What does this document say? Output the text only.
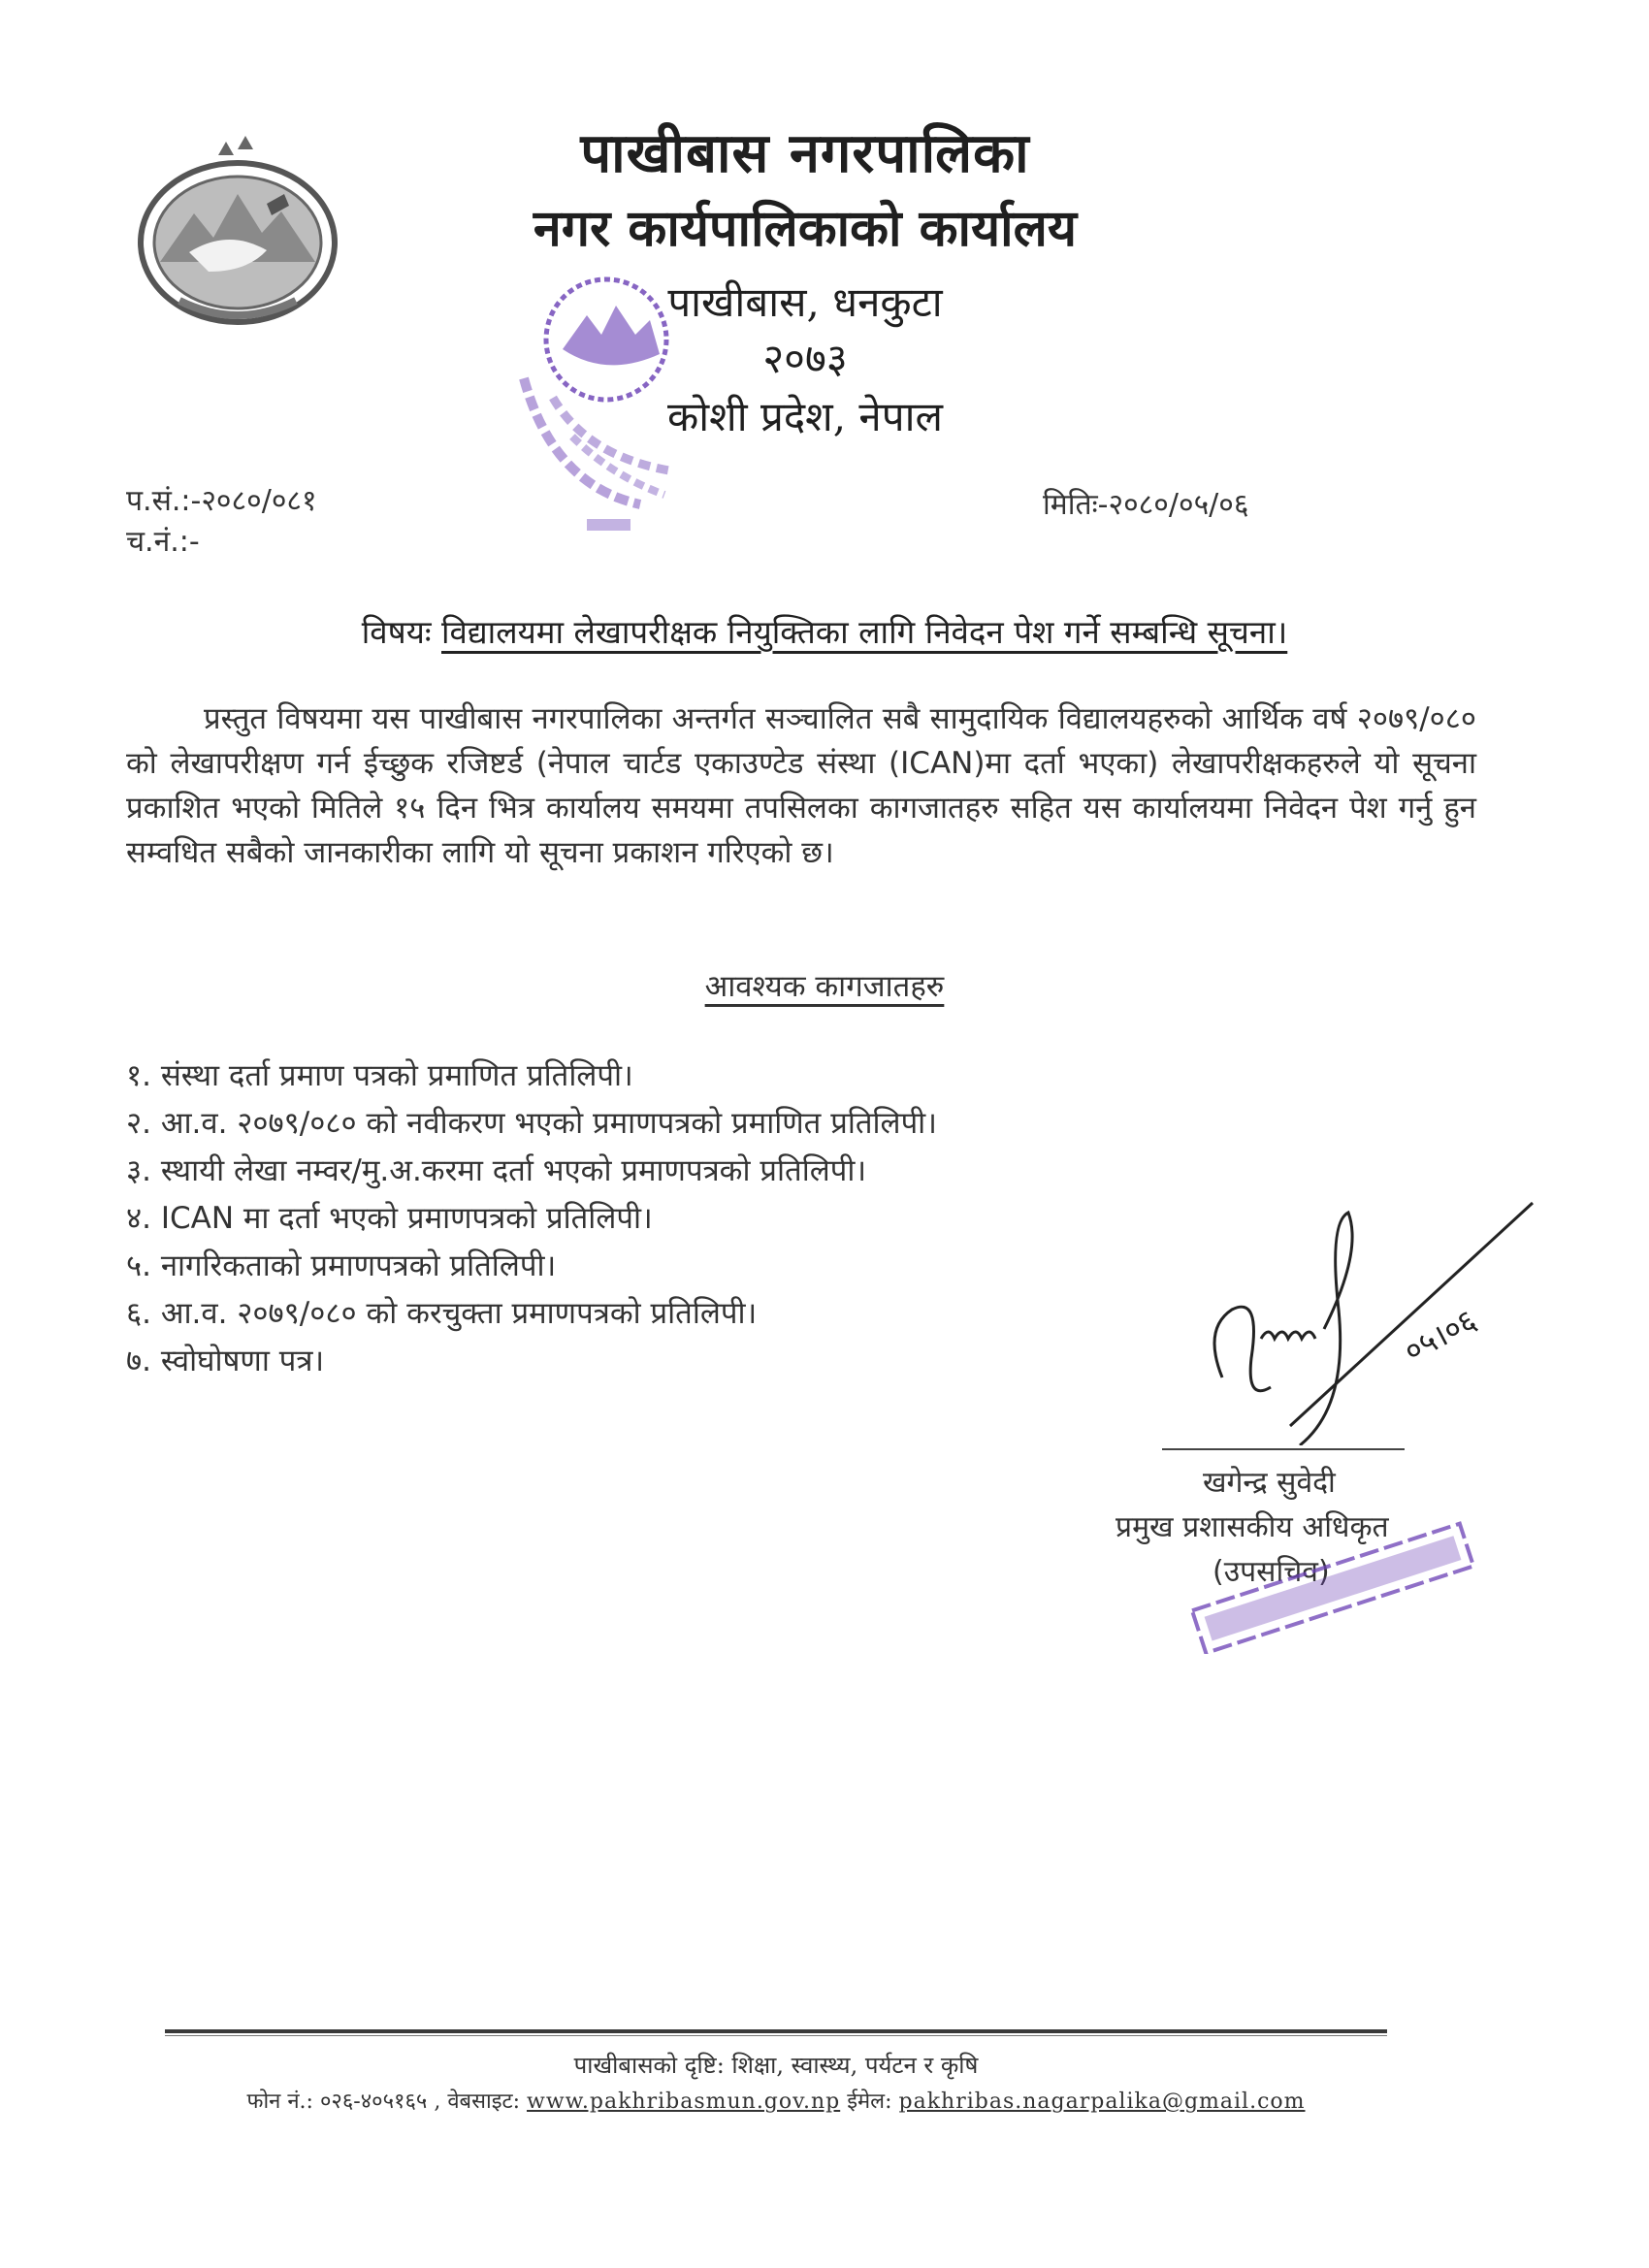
पाखीबास नगरपालिका
नगर कार्यपालिकाको कार्यालय
पाखीबास, धनकुटा
२०७३
कोशी प्रदेश, नेपाल
प.सं.:-२०८०/०८१
च.नं.:-
मितिः-२०८०/०५/०६
विषयः विद्यालयमा लेखापरीक्षक नियुक्तिका लागि निवेदन पेश गर्ने सम्बन्धि सूचना।

प्रस्तुत विषयमा यस पाखीबास नगरपालिका अन्तर्गत सञ्चालित सबै सामुदायिक विद्यालयहरुको आर्थिक वर्ष २०७९/०८० को लेखापरीक्षण गर्न ईच्छुक रजिष्टर्ड (नेपाल चार्टड एकाउण्टेड संस्था (ICAN)मा दर्ता भएका) लेखापरीक्षकहरुले यो सूचना प्रकाशित भएको मितिले १५ दिन भित्र कार्यालय समयमा तपसिलका कागजातहरु सहित यस कार्यालयमा निवेदन पेश गर्नु हुन सम्वधित सबैको जानकारीका लागि यो सूचना प्रकाशन गरिएको छ।

आवश्यक कागजातहरु
१. संस्था दर्ता प्रमाण पत्रको प्रमाणित प्रतिलिपी।
२. आ.व. २०७९/०८० को नवीकरण भएको प्रमाणपत्रको प्रमाणित प्रतिलिपी।
३. स्थायी लेखा नम्वर/मु.अ.करमा दर्ता भएको प्रमाणपत्रको प्रतिलिपी।
४. ICAN मा दर्ता भएको प्रमाणपत्रको प्रतिलिपी।
५. नागरिकताको प्रमाणपत्रको प्रतिलिपी।
६. आ.व. २०७९/०८० को करचुक्ता प्रमाणपत्रको प्रतिलिपी।
७. स्वोघोषणा पत्र।	०५।०६
खगेन्द्र सुवेदी
प्रमुख प्रशासकीय अधिकृत
(उपसचिव)
पाखीबासको दृष्टि: शिक्षा, स्वास्थ्य, पर्यटन र कृषि
फोन नं.: ०२६-४०५१६५ , वेबसाइट: www.pakhribasmun.gov.np ईमेल: pakhribas.nagarpalika@gmail.com
